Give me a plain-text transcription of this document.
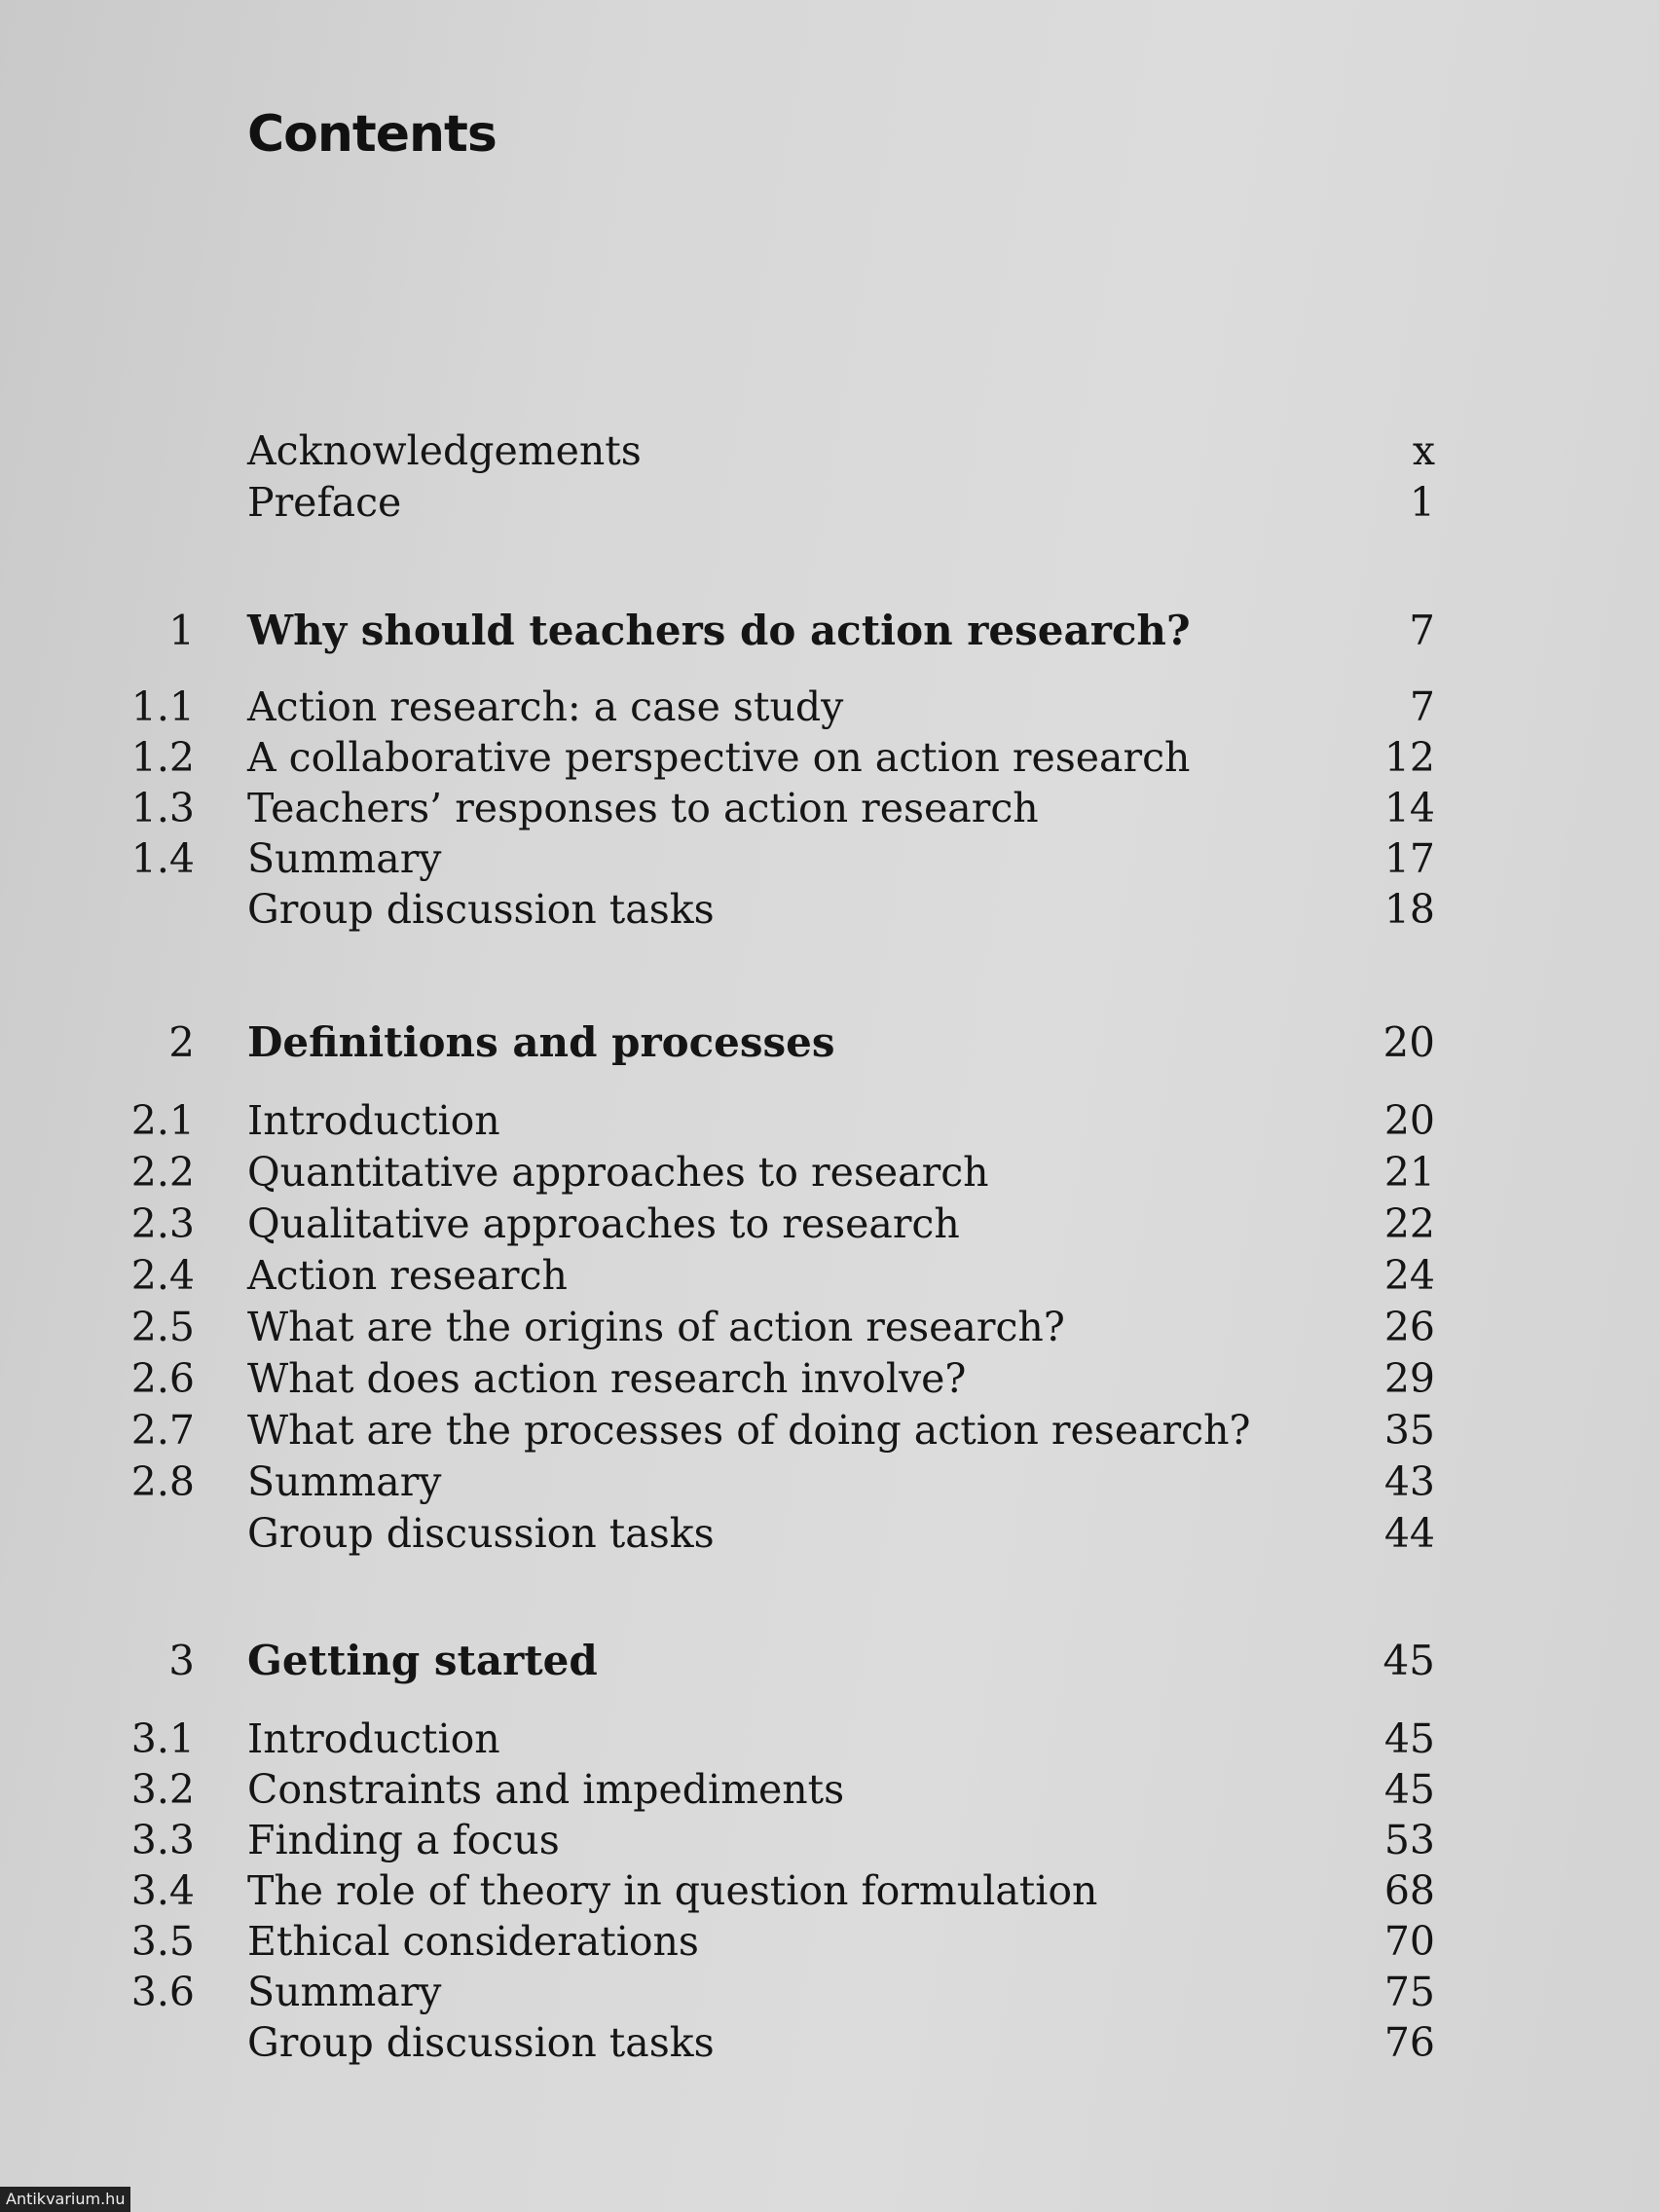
Contents
Acknowledgements	x
Preface	1
1 Why should teachers do action research?	7
1.1 Action research: a case study	7
1.2 A collaborative perspective on action research	12
1.3 Teachers’ responses to action research	14
1.4 Summary	17
Group discussion tasks	18
2 Definitions and processes	20
2.1 Introduction	20
2.2 Quantitative approaches to research	21
2.3 Qualitative approaches to research	22
2.4 Action research	24
2.5 What are the origins of action research?	26
2.6 What does action research involve?	29
2.7 What are the processes of doing action research?	35
2.8 Summary	43
Group discussion tasks	44
3 Getting started	45
3.1 Introduction	45
3.2 Constraints and impediments	45
3.3 Finding a focus	53
3.4 The role of theory in question formulation	68
3.5 Ethical considerations	70
3.6 Summary	75
Group discussion tasks	76
Antikvarium.hu
